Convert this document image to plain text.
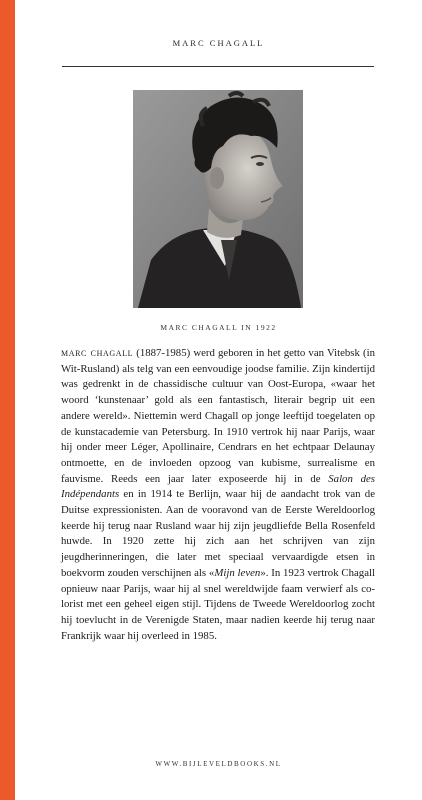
MARC CHAGALL
MARC CHAGALL IN 1922

marc chagall (1887-1985) werd geboren in het getto van Vitebsk (in Wit-Rusland) als telg van een eenvoudige joodse familie. Zijn kindertijd was gedrenkt in de chassidische cultuur van Oost-Europa, «waar het woord ‘kunstenaar’ gold als een fantastisch, literair begrip uit een andere wereld». Niettemin werd Chagall op jonge leeftijd toegelaten op de kunstacademie van Petersburg. In 1910 vertrok hij naar Parijs, waar hij onder meer Léger, Apollinaire, Cendrars en het echtpaar Delaunay ontmoette, en de invloeden opzoog van kubisme, surrealisme en fauvisme. Reeds een jaar later exposeerde hij in de Salon des Indépendants en in 1914 te Berlijn, waar hij de aandacht trok van de Duitse expressionisten. Aan de vooravond van de Eerste Wereldoorlog keerde hij terug naar Rusland waar hij zijn jeugdliefde Bella Rosenfeld huwde. In 1920 zette hij zich aan het schrijven van zijn jeugdherinneringen, die later met speciaal vervaardigde etsen in boekvorm zouden verschijnen als «Mijn leven». In 1923 vertrok Chagall opnieuw naar Parijs, waar hij al snel wereldwijde faam verwierf als colorist met een geheel eigen stijl. Tijdens de Tweede Wereldoorlog zocht hij toevlucht in de Verenigde Staten, maar nadien keerde hij terug naar Frankrijk waar hij overleed in 1985.

WWW.BIJLEVELDBOOKS.NL
